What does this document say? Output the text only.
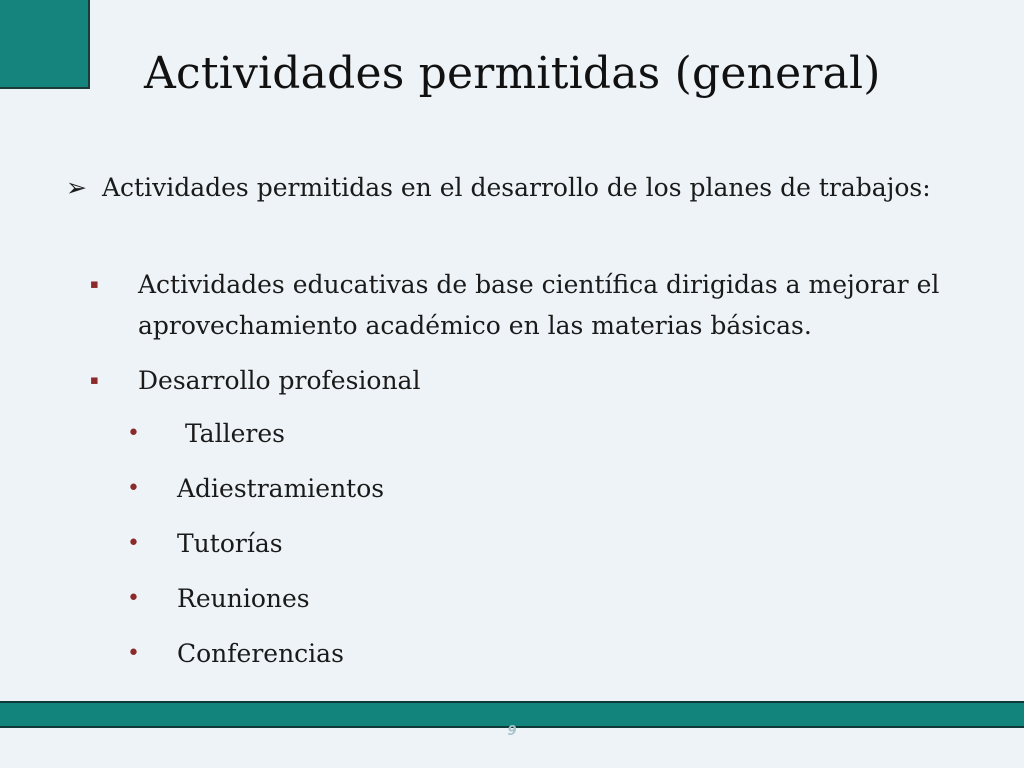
Actividades permitidas (general)
➢ Actividades permitidas en el desarrollo de los planes de trabajos:
▪ Actividades educativas de base científica dirigidas a mejorar el aprovechamiento académico en las materias básicas.
▪ Desarrollo profesional
• Talleres
• Adiestramientos
• Tutorías
• Reuniones
• Conferencias
9
